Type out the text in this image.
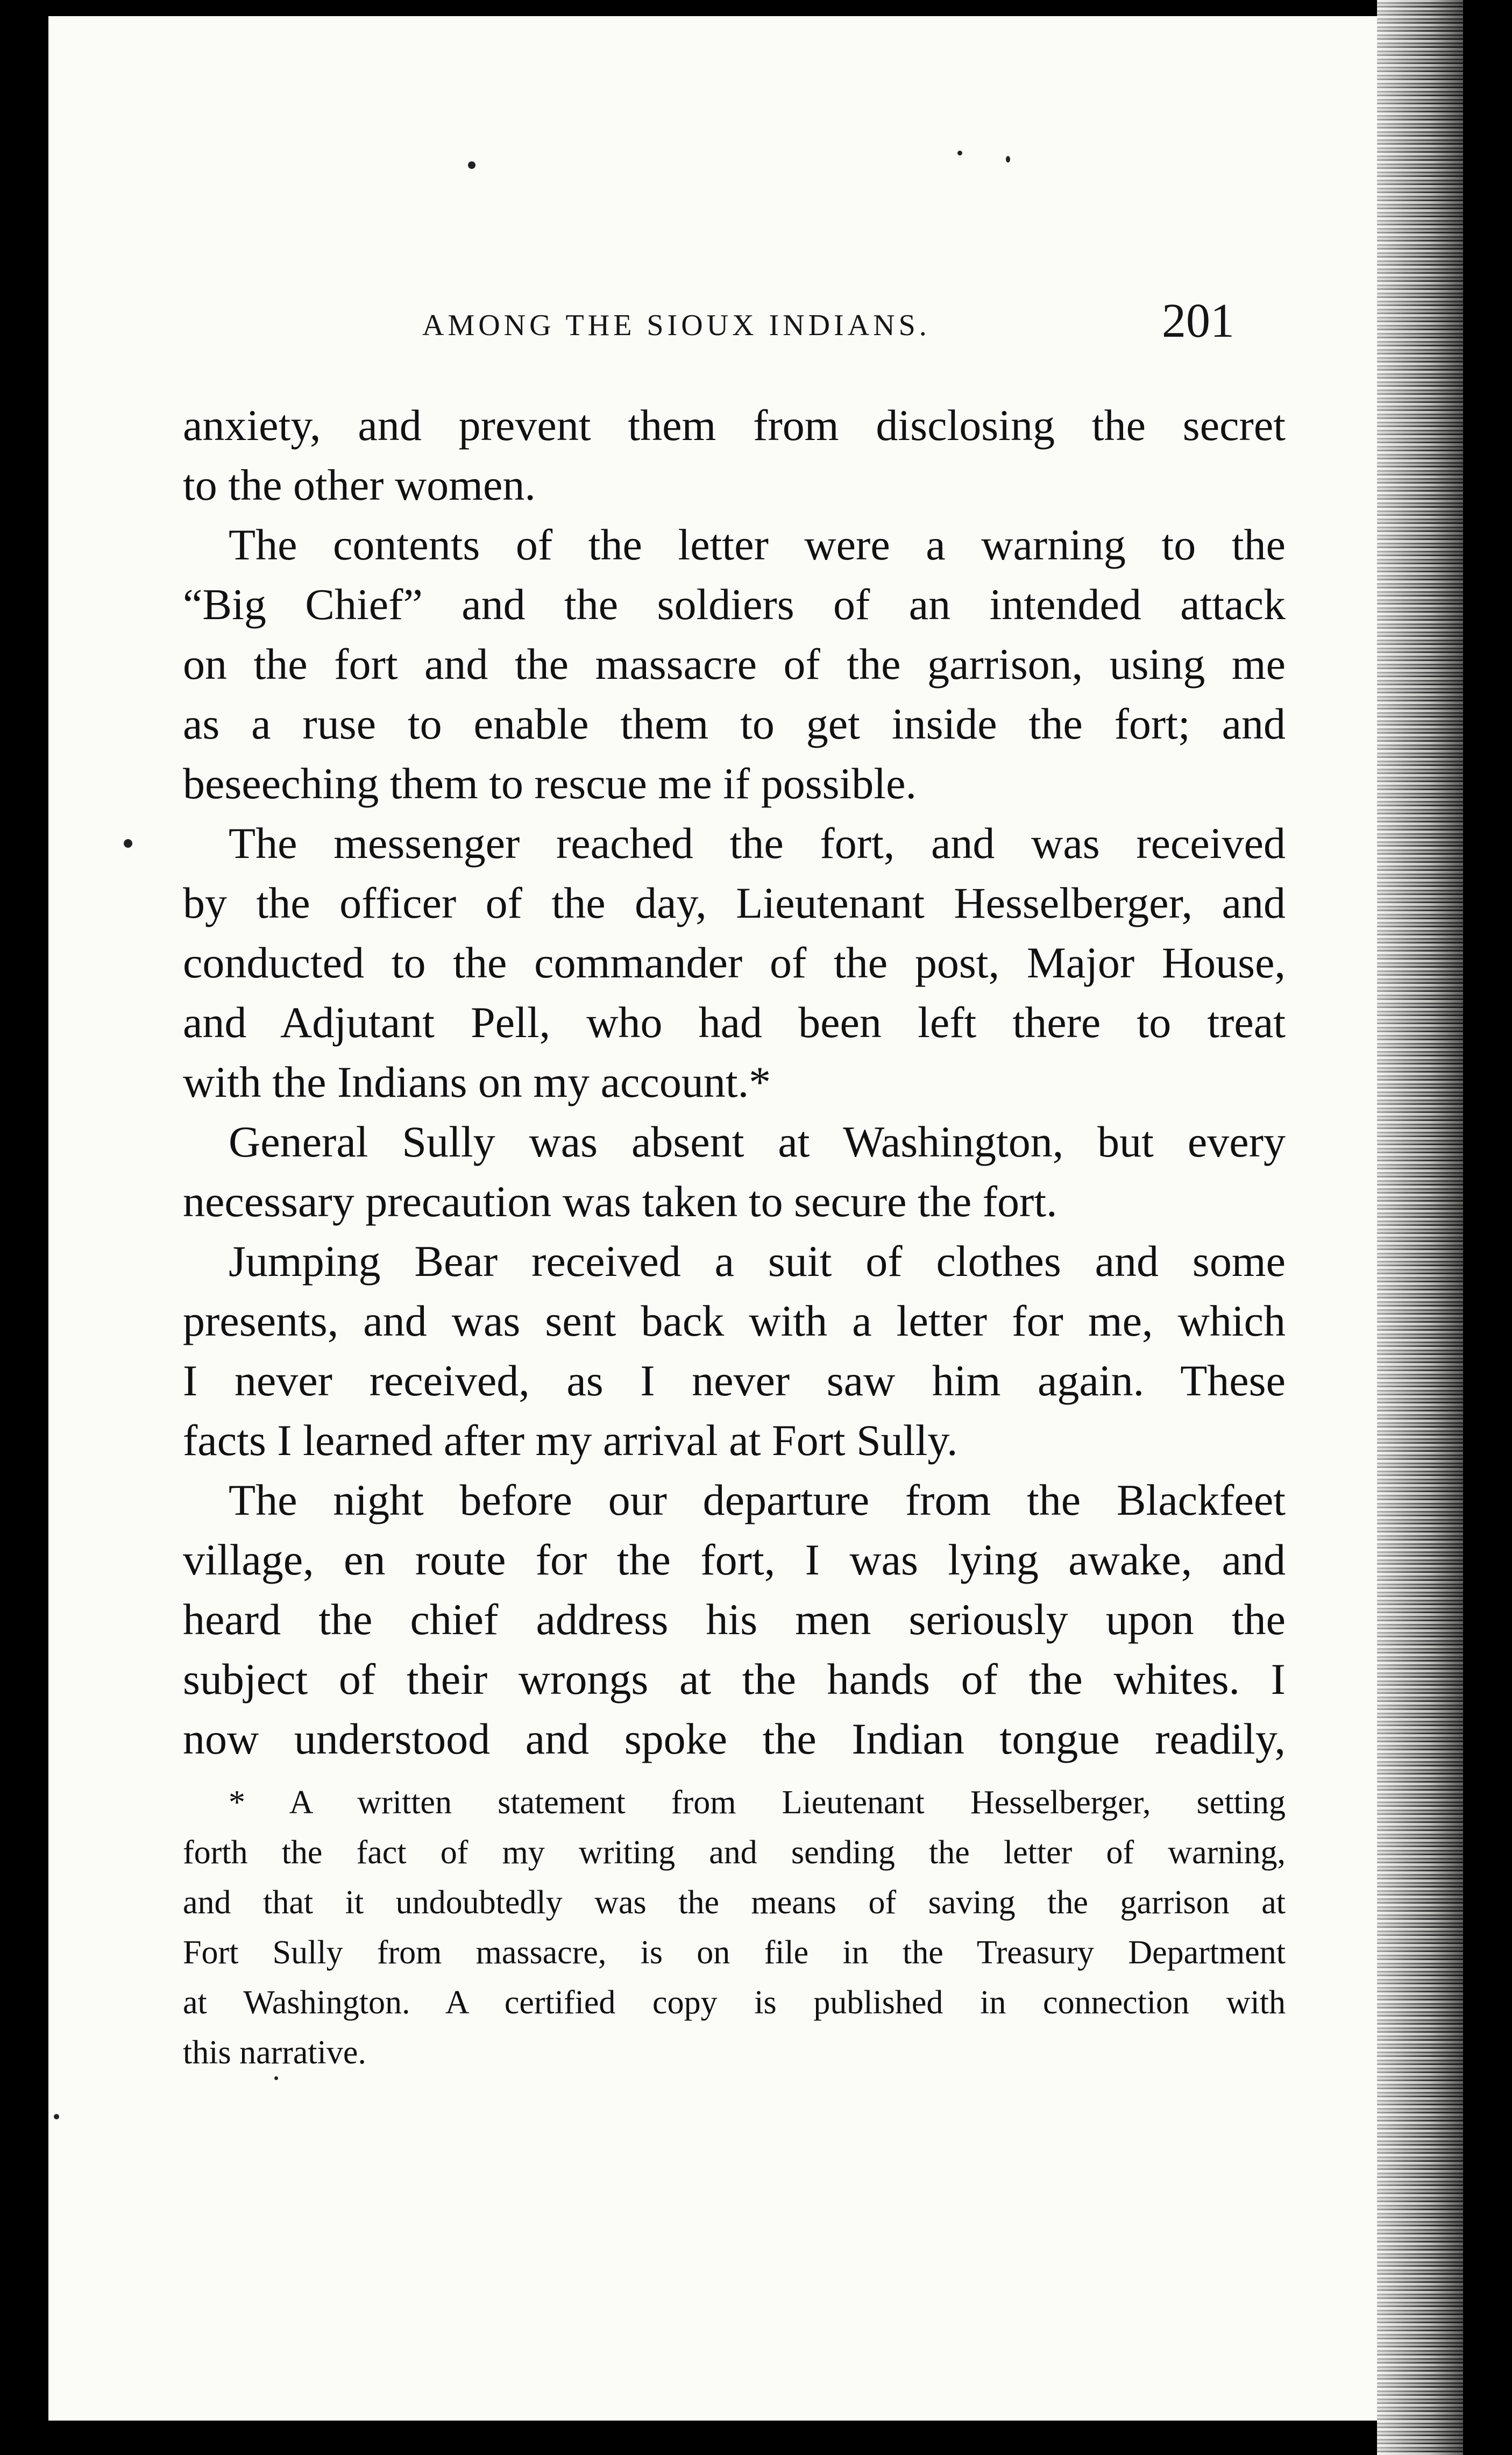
AMONG THE SIOUX INDIANS.	201
anxiety, and prevent them from disclosing the secret
to the other women.
The contents of the letter were a warning to the
“Big Chief” and the soldiers of an intended attack
on the fort and the massacre of the garrison, using me
as a ruse to enable them to get inside the fort; and
beseeching them to rescue me if possible.
The messenger reached the fort, and was received
by the officer of the day, Lieutenant Hesselberger, and
conducted to the commander of the post, Major House,
and Adjutant Pell, who had been left there to treat
with the Indians on my account.*
General Sully was absent at Washington, but every
necessary precaution was taken to secure the fort.
Jumping Bear received a suit of clothes and some
presents, and was sent back with a letter for me, which
I never received, as I never saw him again. These
facts I learned after my arrival at Fort Sully.
The night before our departure from the Blackfeet
village, en route for the fort, I was lying awake, and
heard the chief address his men seriously upon the
subject of their wrongs at the hands of the whites. I
now understood and spoke the Indian tongue readily,
* A written statement from Lieutenant Hesselberger, setting
forth the fact of my writing and sending the letter of warning,
and that it undoubtedly was the means of saving the garrison at
Fort Sully from massacre, is on file in the Treasury Department
at Washington. A certified copy is published in connection with
this narrative.
